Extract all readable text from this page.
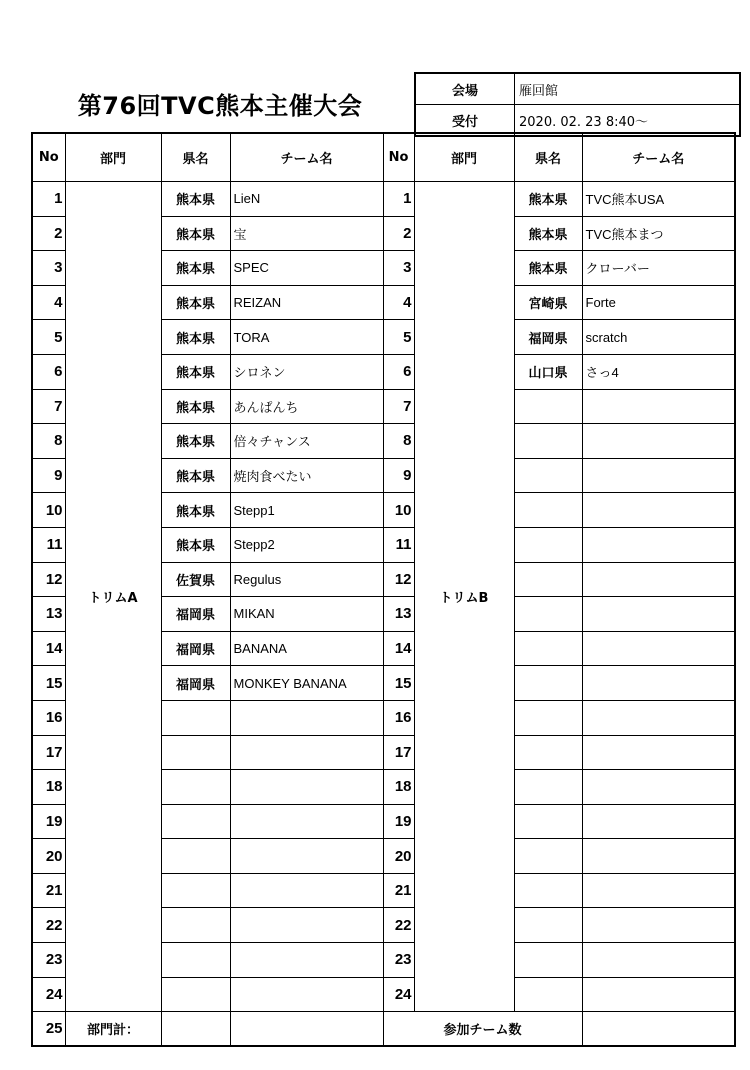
第76回TVC熊本主催大会
会場	雁回館
受付	2020. 02. 23 8:40～
No	部門	県名	チーム名	No	部門	県名	チーム名
1	トリムA	熊本県	LieN	1	トリムB	熊本県	TVC熊本USA
2		熊本県	宝	2		熊本県	TVC熊本まつ
3		熊本県	SPEC	3		熊本県	クローバー
4		熊本県	REIZAN	4		宮崎県	Forte
5		熊本県	TORA	5		福岡県	scratch
6		熊本県	シロネン	6		山口県	さっ4
7		熊本県	あんぱんち	7			
8		熊本県	倍々チャンス	8			
9		熊本県	焼肉食べたい	9			
10		熊本県	Stepp1	10			
11		熊本県	Stepp2	11			
12		佐賀県	Regulus	12			
13		福岡県	MIKAN	13			
14		福岡県	BANANA	14			
15		福岡県	MONKEY BANANA	15			
16				16			
17				17			
18				18			
19				19			
20				20			
21				21			
22				22			
23				23			
24				24			
25	部門計：			参加チーム数			
